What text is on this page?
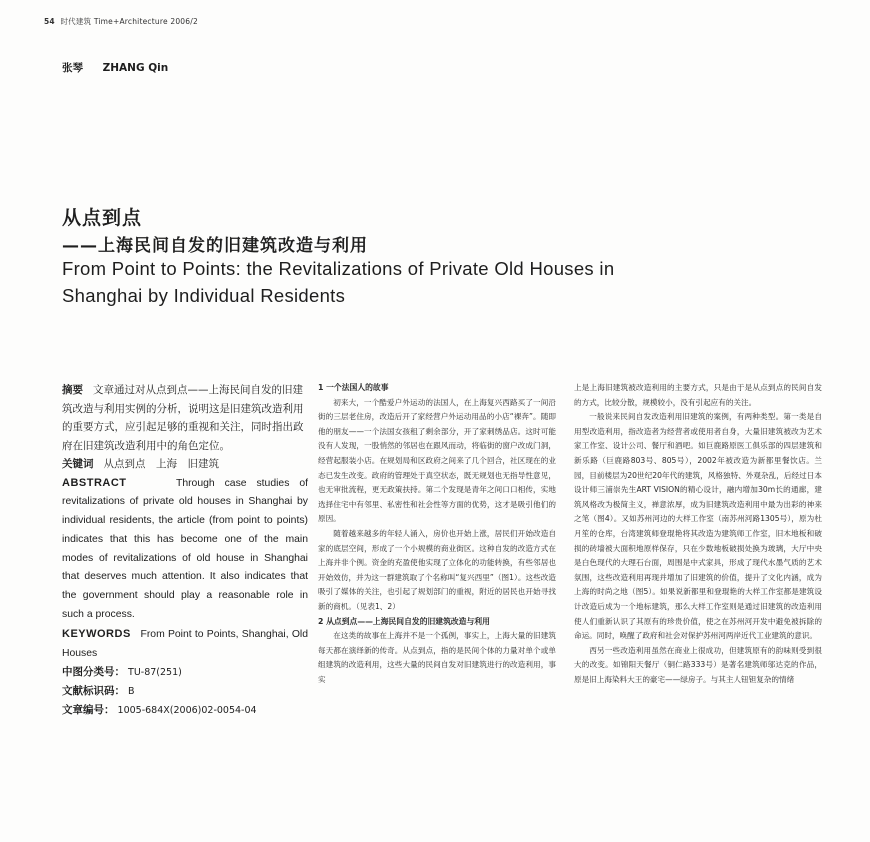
54 时代建筑 Time+Architecture 2006/2
张琴 ZHANG Qin
从点到点
——上海民间自发的旧建筑改造与利用
From Point to Points: the Revitalizations of Private Old Houses in Shanghai by Individual Residents

摘要 文章通过对从点到点——上海民间自发的旧建筑改造与利用实例的分析，说明这是旧建筑改造利用的重要方式，应引起足够的重视和关注，同时指出政府在旧建筑改造利用中的角色定位。

关键词 从点到点　上海　旧建筑

ABSTRACT	Through case studies of revitalizations of private old houses in Shanghai by individual residents, the article (from point to points) indicates that this has become one of the main modes of revitalizations of old house in Shanghai that deserves much attention. It also indicates that the government should play a reasonable role in such a process.

KEYWORDS From Point to Points, Shanghai, Old Houses

中图分类号： TU-87(251)

文献标识码： B

文章编号： 1005-684X(2006)02-0054-04

1 一个法国人的故事

初来大，一个酷爱户外运动的法国人，在上海复兴西路买了一间沿街的三层老住房，改造后开了家经营户外运动用品的小店“裸奔”。随即他的朋友——一个法国女孩租了剩余部分，开了家刺绣品店。这时可能没有人发现，一股悄然的邻居也在跟风而动，将临街的窗户改成门洞，经营起服装小店。在规划局和区政府之间来了几个回合，社区现在的业态已发生改变。政府的管理处于真空状态，既无规划也无指导性意见，也无审批流程，更无政策扶持。第二个发现是青年之间口口相传，实地选择住宅中有邻里、私密性和社会性等方面的优势，这才是吸引他们的原因。

随着越来越多的年轻人涌入，房价也开始上涨，居民们开始改造自家的底层空间，形成了一个小规模的商业街区。这种自发的改造方式在上海并非个例。资金的充盈使他实现了立体化的功能转换，有些邻居也开始效仿，并为这一群建筑取了个名称叫“复兴西里”（图1）。这些改造吸引了媒体的关注，也引起了规划部门的重视，附近的居民也开始寻找新的商机。（见表1、2）

2 从点到点——上海民间自发的旧建筑改造与利用

在这类的故事在上海并不是一个孤例，事实上，上海大量的旧建筑每天都在演绎新的传奇。从点到点，指的是民间个体的力量对单个或单组建筑的改造利用，这些大量的民间自发对旧建筑进行的改造利用，事实

上是上海旧建筑被改造利用的主要方式，只是由于是从点到点的民间自发的方式，比较分散，规模较小，没有引起应有的关注。

一般说来民间自发改造利用旧建筑的案例，有两种类型。第一类是自用型改造利用，指改造者为经营者或使用者自身，大量旧建筑被改为艺术家工作室、设计公司、餐厅和酒吧。如巨鹿路原医工俱乐部的四层建筑和新乐路（巨鹿路803号、805号），2002年被改造为新都里餐饮店。兰园，目前楼层为20世纪20年代的建筑，风格独特、外观杂乱，后经过日本设计师三浦崇先生ART VISION的精心设计，融内增加30m长的通廊，建筑风格改为极简主义，禅意浓厚，成为旧建筑改造利用中最为出彩的神来之笔（图4）。又如苏州河边的大样工作室（南苏州河路1305号），原为杜月笙的仓库，台湾建筑师登琨艳将其改造为建筑师工作室，旧木地板和破损的砖墙被大面积地原样保存，只在少数地板破损处换为玻璃，大厅中央是白色现代的大理石台面，周围是中式家具，形成了现代水墨气质的艺术氛围，这些改造利用再现并增加了旧建筑的价值，提升了文化内涵，成为上海的时尚之地（图5）。如果说新都里和登琨艳的大样工作室都是建筑设计改造后成为一个地标建筑，那么大样工作室则是通过旧建筑的改造利用使人们重新认识了其原有的珍贵价值，使之在苏州河开发中避免被拆除的命运。同时，唤醒了政府和社会对保护苏州河两岸近代工业建筑的意识。

西另一些改造利用虽然在商业上很成功，但建筑原有的韵味则受到很大的改变。如锦阳天餐厅（铜仁路333号）是著名建筑师邬达克的作品，原是旧上海染料大王的豪宅——绿房子。与其主人钮钽复杂的情绪
